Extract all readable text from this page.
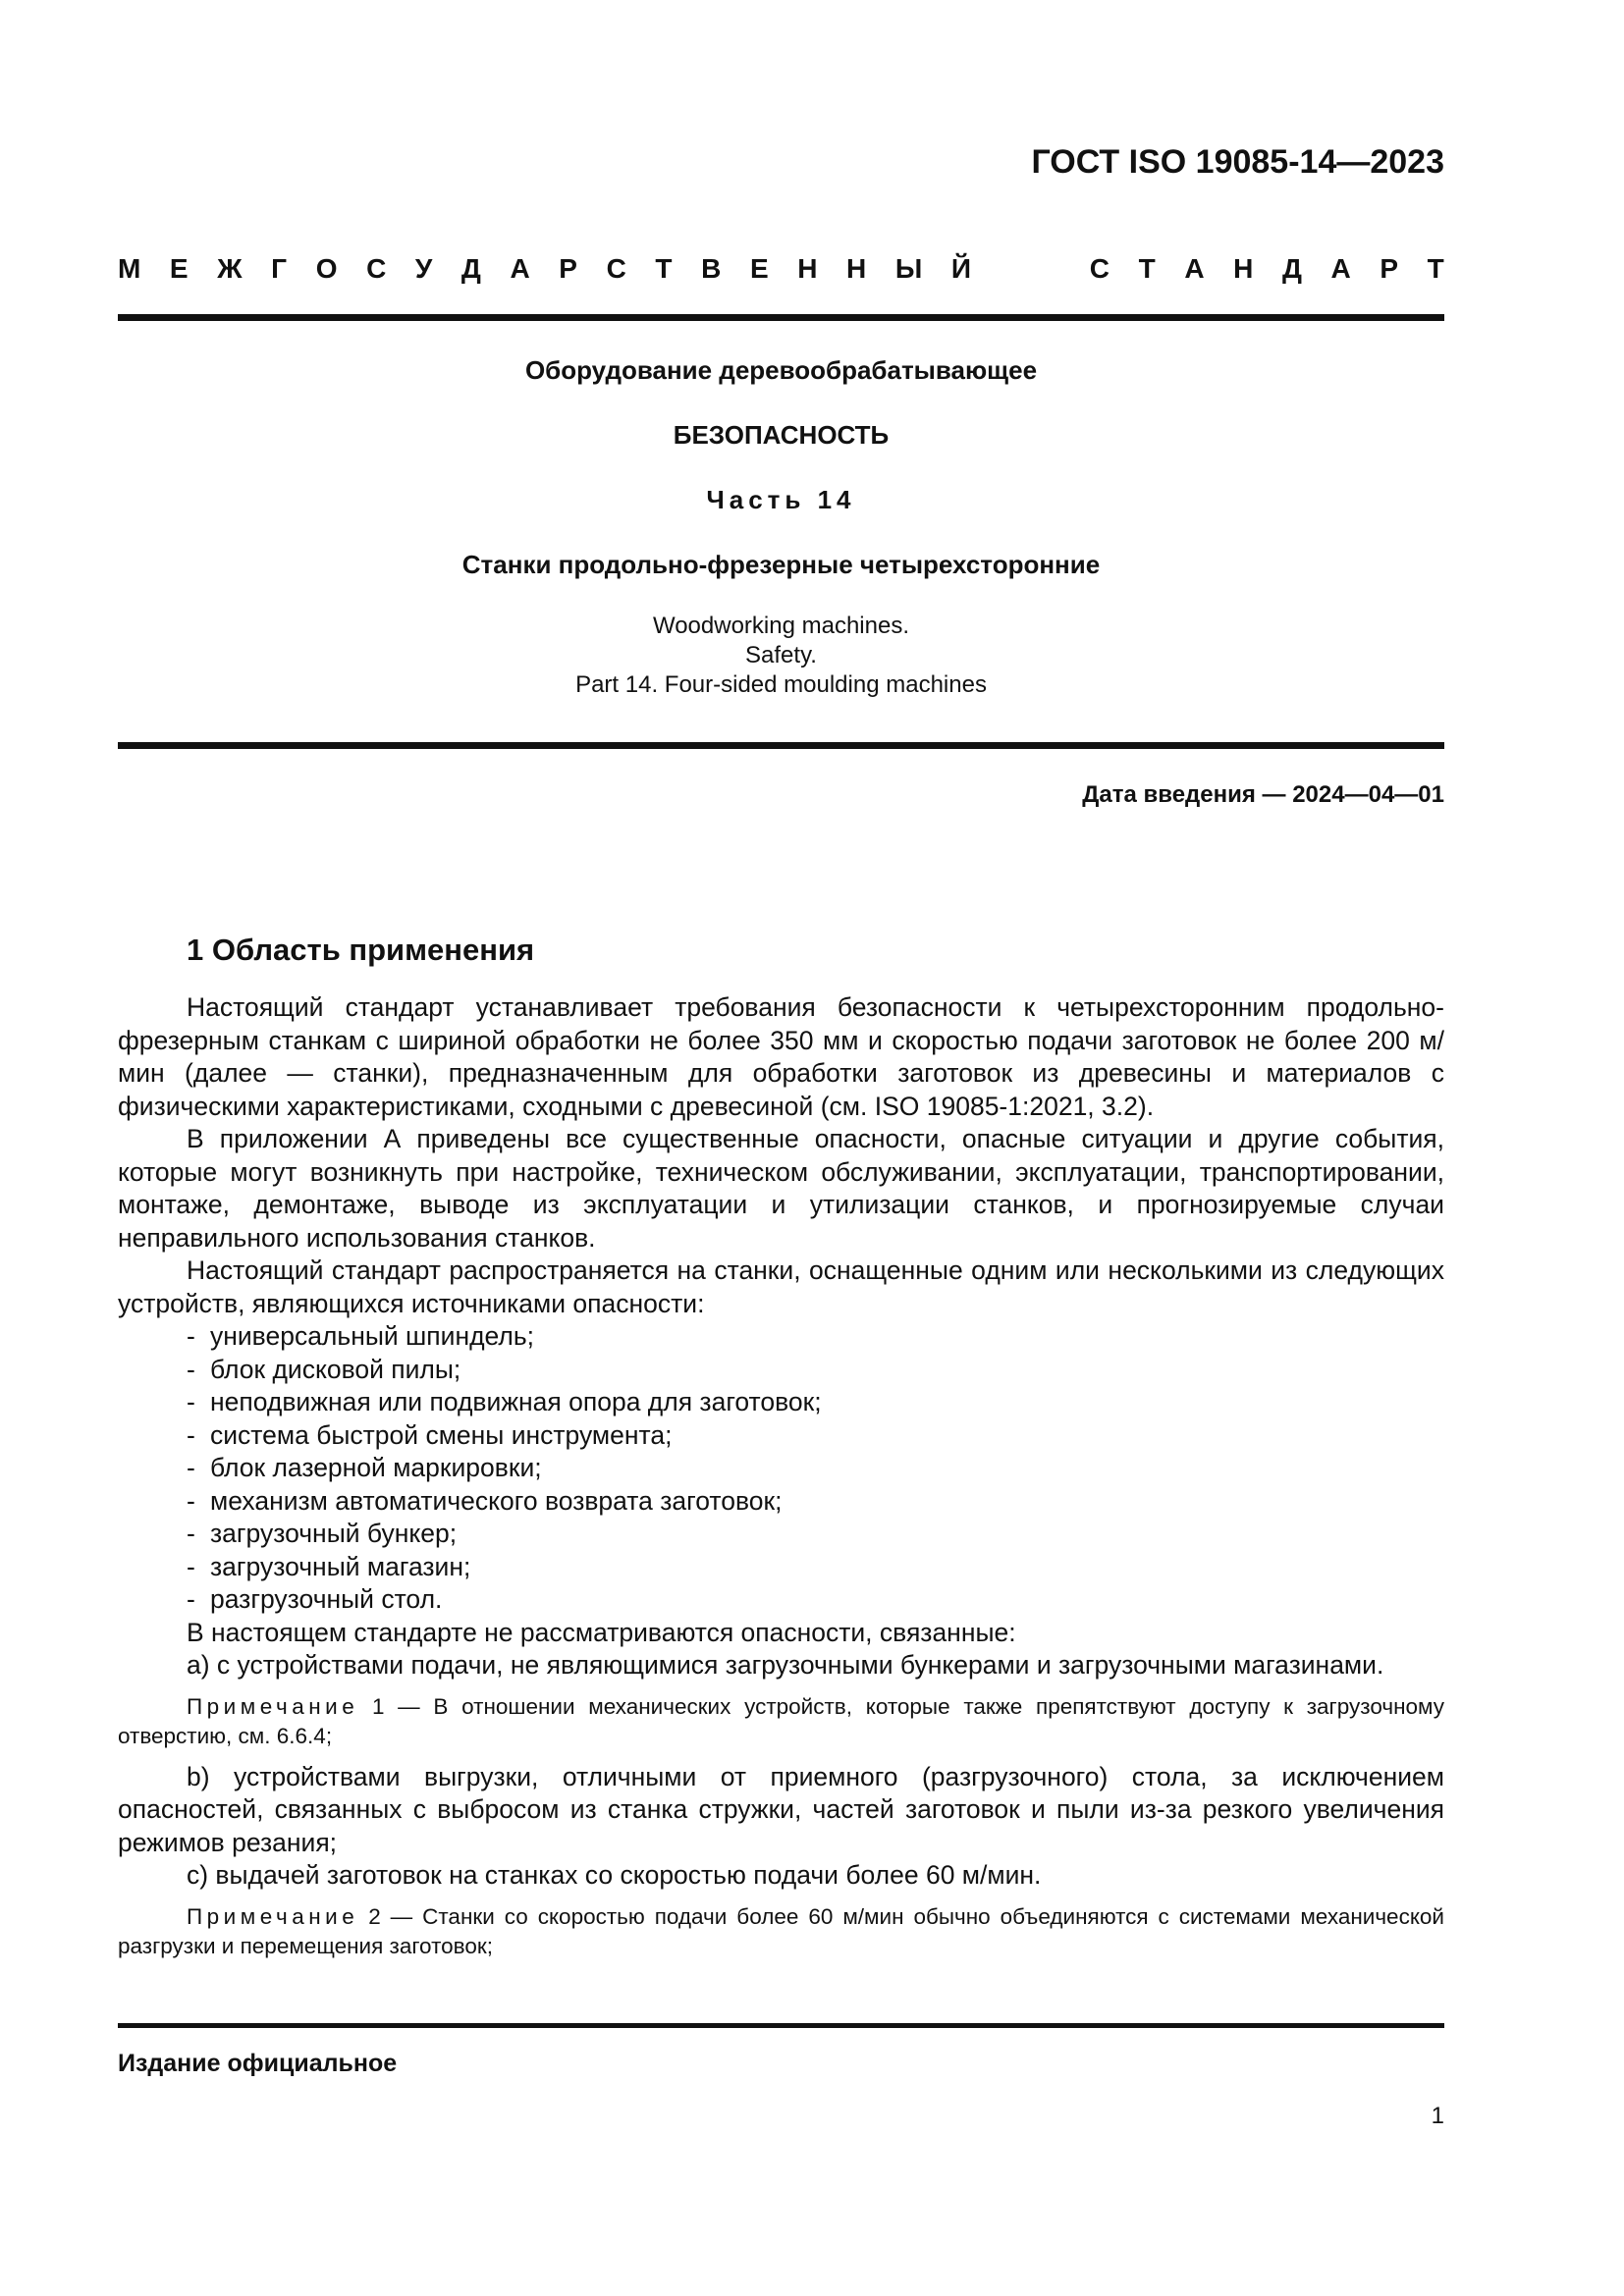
ГОСТ ISO 19085-14—2023
М Е Ж Г О С У Д А Р С Т В Е Н Н Ы Й	С Т А Н Д А Р Т
Оборудование деревообрабатывающее
БЕЗОПАСНОСТЬ
Часть 14
Станки продольно-фрезерные четырехсторонние
Woodworking machines.
Safety.
Part 14. Four-sided moulding machines
Дата введения — 2024—04—01
1 Область применения

Настоящий стандарт устанавливает требования безопасности к четырехсторонним продольно-фрезерным станкам с шириной обработки не более 350 мм и скоростью подачи заготовок не более 200 м/мин (далее — станки), предназначенным для обработки заготовок из древесины и материалов с физическими характеристиками, сходными с древесиной (см. ISO 19085-1:2021, 3.2).

В приложении А приведены все существенные опасности, опасные ситуации и другие события, которые могут возникнуть при настройке, техническом обслуживании, эксплуатации, транспортировании, монтаже, демонтаже, выводе из эксплуатации и утилизации станков, и прогнозируемые случаи неправильного использования станков.

Настоящий стандарт распространяется на станки, оснащенные одним или несколькими из следующих устройств, являющихся источниками опасности:

- универсальный шпиндель;
- блок дисковой пилы;
- неподвижная или подвижная опора для заготовок;
- система быстрой смены инструмента;
- блок лазерной маркировки;
- механизм автоматического возврата заготовок;
- загрузочный бункер;
- загрузочный магазин;
- разгрузочный стол.

В настоящем стандарте не рассматриваются опасности, связанные:

a) с устройствами подачи, не являющимися загрузочными бункерами и загрузочными магазинами.

Примечание 1 — В отношении механических устройств, которые также препятствуют доступу к загрузочному отверстию, см. 6.6.4;

b) устройствами выгрузки, отличными от приемного (разгрузочного) стола, за исключением опасностей, связанных с выбросом из станка стружки, частей заготовок и пыли из-за резкого увеличения режимов резания;

c) выдачей заготовок на станках со скоростью подачи более 60 м/мин.

Примечание 2 — Станки со скоростью подачи более 60 м/мин обычно объединяются с системами механической разгрузки и перемещения заготовок;

Издание официальное
1
